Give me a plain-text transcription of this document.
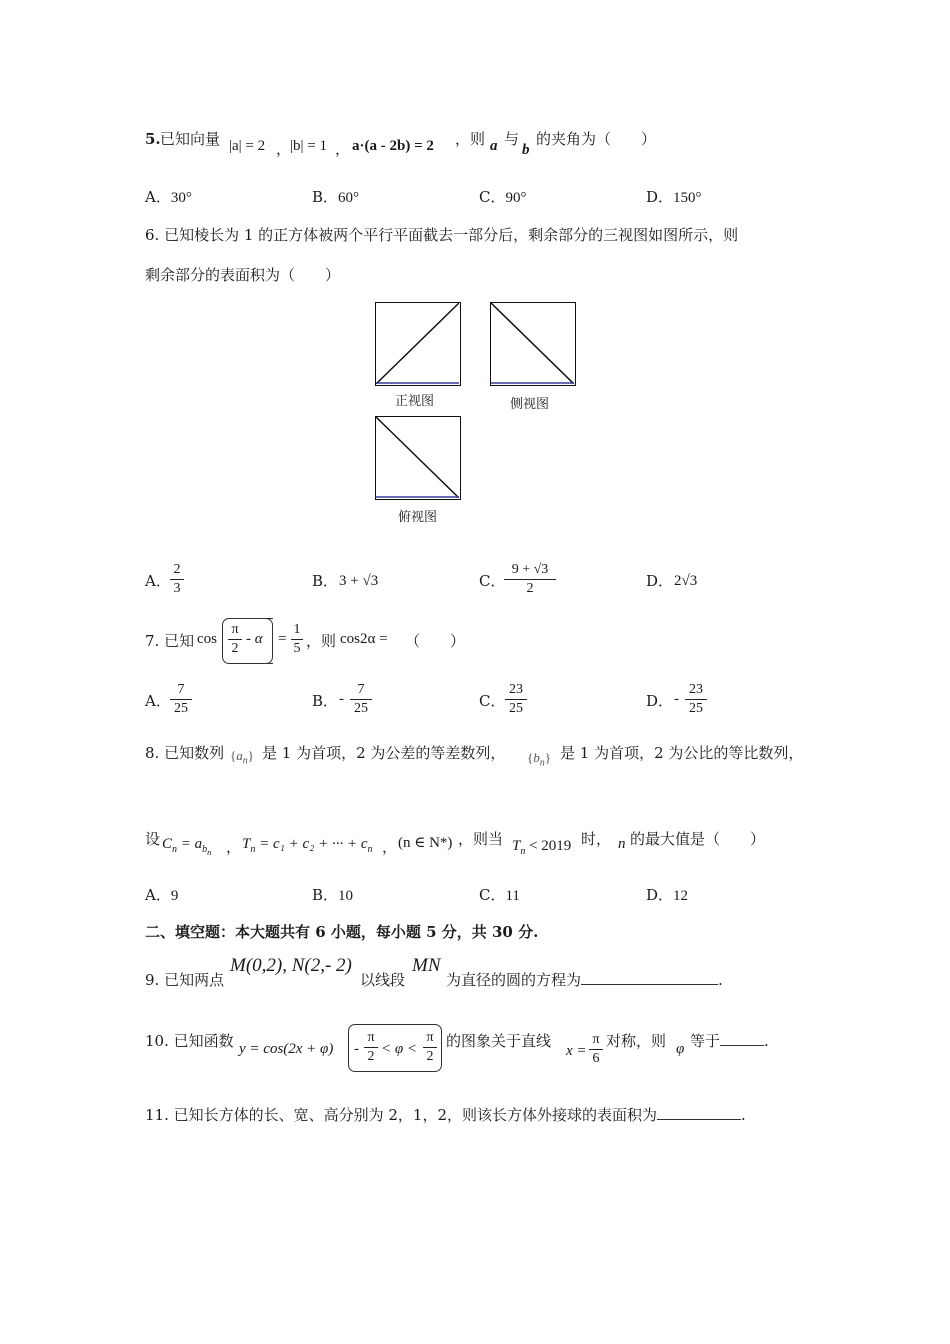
5. 已知向量 |a| = 2 ，
|b| = 1 ， a·(a - 2b) = 2 ，则 a 与
b
的夹角为（　　）
A．30°	B．60°	C．90°	D．150°
6. 已知棱长为 1 的正方体被两个平行平面截去一部分后，剩余部分的三视图如图所示，则
剩余部分的表面积为（　　）
正视图	侧视图
俯视图
A．
2
3	B． 3 + √3	C．
9 + √3
2	D． 2√3
7. 已知 cos
π
2
- α =
1
5 ，则 cos2α = （　　）
A．
7
25	B． -
7
25	C．
23
25	D． -
23
25
8. 已知数列 $\{a_n\}$ 是 1 为首项，2 为公差的等差数列， $\{b_n\}$ 是 1 为首项，2 为公比的等比数列，
设 $C_n = a_{b_n}$ ， $T_n = c_1 + c_2$ + ··· + $c_n$ ， (n ∈ N*) ，则当 $T_n < 2019$ 时， n 的最大值是（　　）
A．9	B．10	C．11	D．12
二、填空题：本大题共有 6 小题，每小题 5 分，共 30 分.
9. 已知两点
M(0,2), N(2,- 2)
以线段
MN
为直径的圆的方程为	.
10. 已知函数 y = cos(2x + φ) -
π
2 < φ <
π
2
的图象关于直线
x =
π
6
对称，则 φ 等于	.
11. 已知长方体的长、宽、高分别为 2，1，2，则该长方体外接球的表面积为	.
